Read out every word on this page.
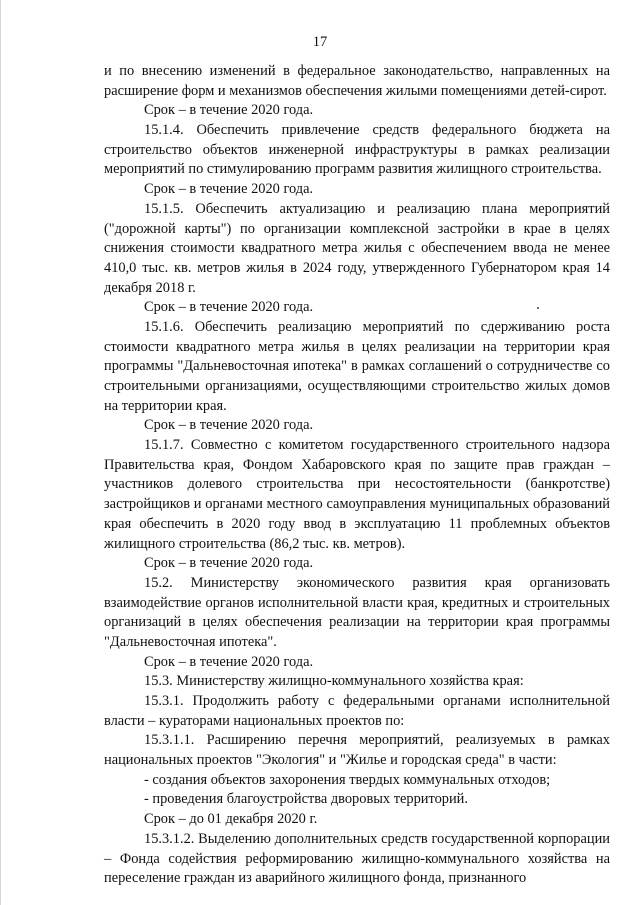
17

и по внесению изменений в федеральное законодательство, направленных на расширение форм и механизмов обеспечения жилыми помещениями детей-сирот.

Срок – в течение 2020 года.

15.1.4. Обеспечить привлечение средств федерального бюджета на строительство объектов инженерной инфраструктуры в рамках реализации мероприятий по стимулированию программ развития жилищного строительства.

Срок – в течение 2020 года.

15.1.5. Обеспечить актуализацию и реализацию плана мероприятий ("дорожной карты") по организации комплексной застройки в крае в целях снижения стоимости квадратного метра жилья с обеспечением ввода не менее 410,0 тыс. кв. метров жилья в 2024 году, утвержденного Губернатором края 14 декабря 2018 г.

Срок – в течение 2020 года.

15.1.6. Обеспечить реализацию мероприятий по сдерживанию роста стоимости квадратного метра жилья в целях реализации на территории края программы "Дальневосточная ипотека" в рамках соглашений о сотрудничестве со строительными организациями, осуществляющими строительство жилых домов на территории края.

Срок – в течение 2020 года.

15.1.7. Совместно с комитетом государственного строительного надзора Правительства края, Фондом Хабаровского края по защите прав граждан – участников долевого строительства при несостоятельности (банкротстве) застройщиков и органами местного самоуправления муниципальных образований края обеспечить в 2020 году ввод в эксплуатацию 11 проблемных объектов жилищного строительства (86,2 тыс. кв. метров).

Срок – в течение 2020 года.

15.2. Министерству экономического развития края организовать взаимодействие органов исполнительной власти края, кредитных и строительных организаций в целях обеспечения реализации на территории края программы "Дальневосточная ипотека".

Срок – в течение 2020 года.

15.3. Министерству жилищно-коммунального хозяйства края:

15.3.1. Продолжить работу с федеральными органами исполнительной власти – кураторами национальных проектов по:

15.3.1.1. Расширению перечня мероприятий, реализуемых в рамках национальных проектов "Экология" и "Жилье и городская среда" в части:

- создания объектов захоронения твердых коммунальных отходов;

- проведения благоустройства дворовых территорий.

Срок – до 01 декабря 2020 г.

15.3.1.2. Выделению дополнительных средств государственной корпорации – Фонда содействия реформированию жилищно-коммунального хозяйства на переселение граждан из аварийного жилищного фонда, признанного
